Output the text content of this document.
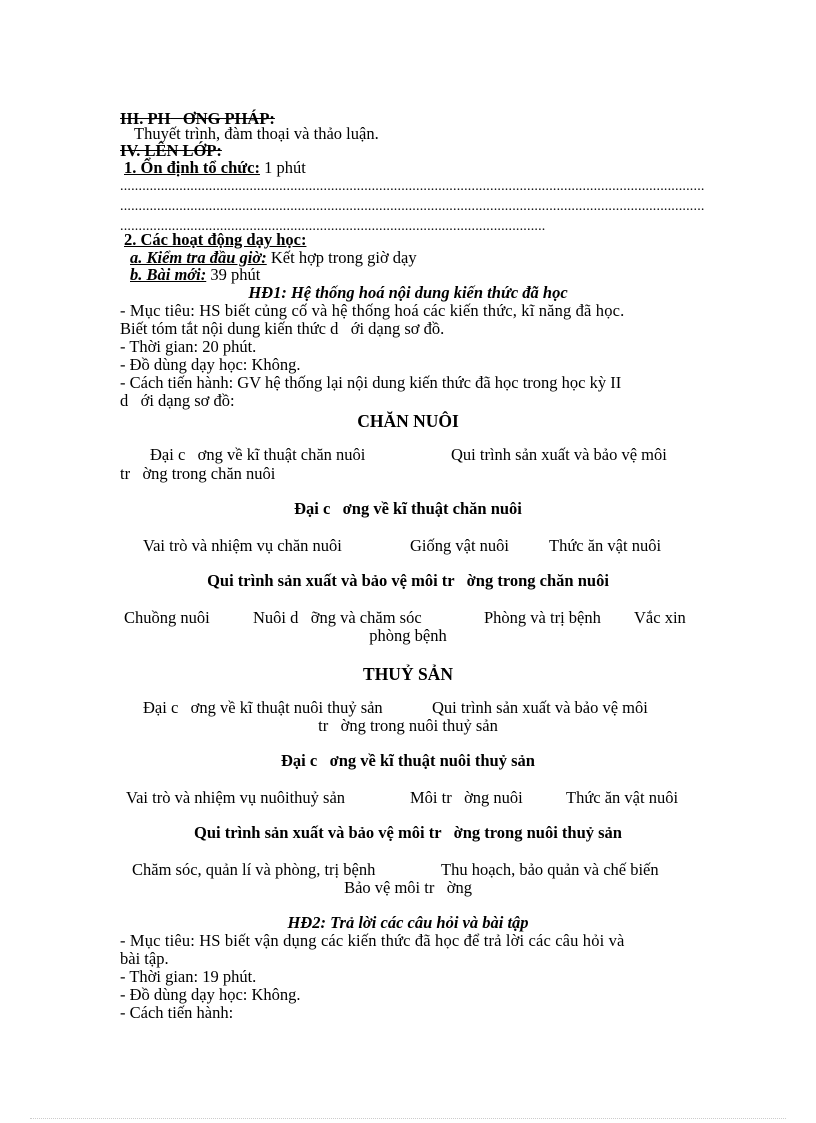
III. PH ƠNG PHÁP:
Thuyết trình, đàm thoại và thảo luận.
IV. LÊN LỚP:
1. Ổn định tổ chức: 1 phút
..............................................................................................................................................................
..............................................................................................................................................................
...................................................................................................................
2. Các hoạt động dạy học:
a. Kiểm tra đầu giờ: Kết hợp trong giờ dạy
b. Bài mới: 39 phút
HĐ1: Hệ thống hoá nội dung kiến thức đã học
- Mục tiêu: HS biết củng cố và hệ thống hoá các kiến thức, kĩ năng đã học.
Biết tóm tắt nội dung kiến thức d   ới dạng sơ đồ.
- Thời gian: 20 phút.
- Đồ dùng dạy học: Không.
- Cách tiến hành: GV hệ thống lại nội dung kiến thức đã học trong học kỳ II
d   ới dạng sơ đồ:
CHĂN NUÔI
Đại c   ơng về kĩ thuật chăn nuôi	Qui trình sản xuất và bảo vệ môi
tr   ờng trong chăn nuôi
Đại c   ơng về kĩ thuật chăn nuôi
Vai trò và nhiệm vụ chăn nuôi	Giống vật nuôi Thức ăn vật nuôi
Qui trình sản xuất và bảo vệ môi tr   ờng trong chăn nuôi
Chuồng nuôi	Nuôi d   ỡng và chăm sóc	Phòng và trị bệnh Vắc xin
phòng bệnh
THUỶ SẢN
Đại c   ơng về kĩ thuật nuôi thuỷ sản	Qui trình sản xuất và bảo vệ môi
tr   ờng trong nuôi thuỷ sản
Đại c   ơng về kĩ thuật nuôi thuỷ sản
Vai trò và nhiệm vụ nuôithuỷ sản	Môi tr   ờng nuôi	Thức ăn vật nuôi
Qui trình sản xuất và bảo vệ môi tr   ờng trong nuôi thuỷ sản
Chăm sóc, quản lí và phòng, trị bệnh	Thu hoạch, bảo quản và chế biến
Bảo vệ môi tr   ờng
HĐ2: Trả lời các câu hỏi và bài tập
- Mục tiêu: HS biết vận dụng các kiến thức đã học để trả lời các câu hỏi và
bài tập.
- Thời gian: 19 phút.
- Đồ dùng dạy học: Không.
- Cách tiến hành:
